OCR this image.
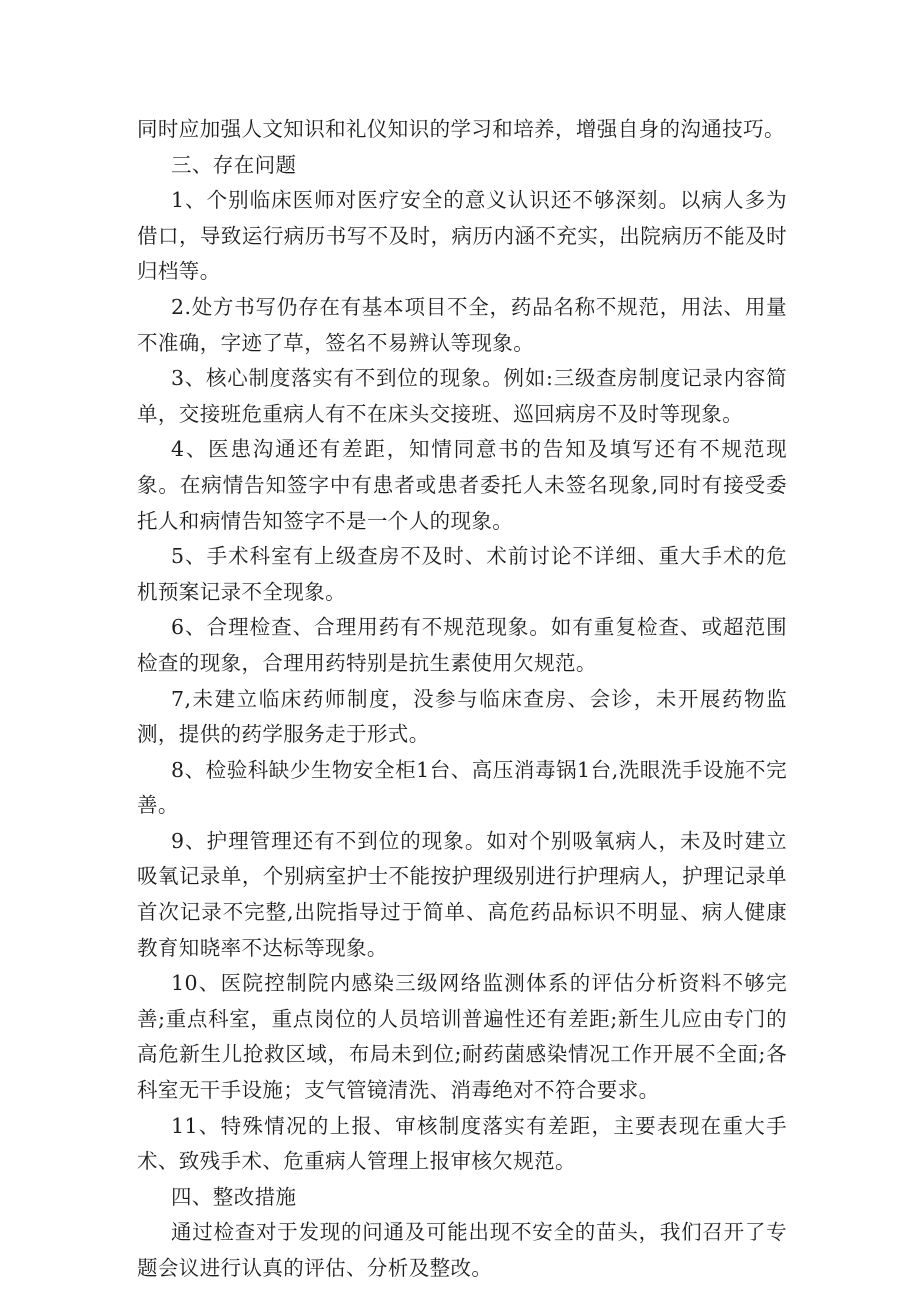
同时应加强人文知识和礼仪知识的学习和培养，增强自身的沟通技巧。

三、存在问题

1、个别临床医师对医疗安全的意义认识还不够深刻。以病人多为借口，导致运行病历书写不及时，病历内涵不充实，出院病历不能及时归档等。

2.处方书写仍存在有基本项目不全，药品名称不规范，用法、用量不准确，字迹了草，签名不易辨认等现象。

3、核心制度落实有不到位的现象。例如:三级查房制度记录内容简单，交接班危重病人有不在床头交接班、巡回病房不及时等现象。

4、医患沟通还有差距，知情同意书的告知及填写还有不规范现象。在病情告知签字中有患者或患者委托人未签名现象,同时有接受委托人和病情告知签字不是一个人的现象。

5、手术科室有上级查房不及时、术前讨论不详细、重大手术的危机预案记录不全现象。

6、合理检查、合理用药有不规范现象。如有重复检查、或超范围检查的现象，合理用药特别是抗生素使用欠规范。

7,未建立临床药师制度，没参与临床查房、会诊，未开展药物监测，提供的药学服务走于形式。

8、检验科缺少生物安全柜1台、高压消毒锅1台,洗眼洗手设施不完善。

9、护理管理还有不到位的现象。如对个别吸氧病人，未及时建立吸氧记录单，个别病室护士不能按护理级别进行护理病人，护理记录单首次记录不完整,出院指导过于简单、高危药品标识不明显、病人健康教育知晓率不达标等现象。

10、医院控制院内感染三级网络监测体系的评估分析资料不够完善;重点科室，重点岗位的人员培训普遍性还有差距;新生儿应由专门的高危新生儿抢救区域，布局未到位;耐药菌感染情况工作开展不全面;各科室无干手设施；支气管镜清洗、消毒绝对不符合要求。

11、特殊情况的上报、审核制度落实有差距，主要表现在重大手术、致残手术、危重病人管理上报审核欠规范。

四、整改措施

通过检查对于发现的问通及可能出现不安全的苗头，我们召开了专题会议进行认真的评估、分析及整改。
